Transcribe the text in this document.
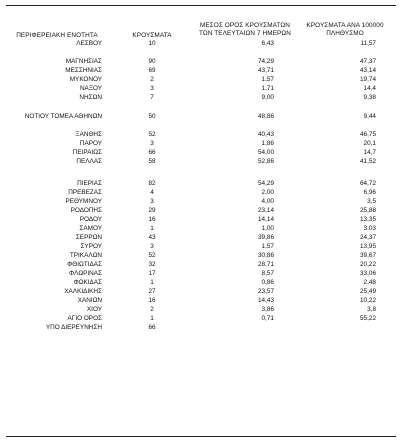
ΠΕΡΙΦΕΡΕΙΑΚΗ ΕΝΟΤΗΤΑ	ΚΡΟΥΣΜΑΤΑ
ΜΕΣΟΣ ΟΡΟΣ ΚΡΟΥΣΜΑΤΩΝ
ΤΩΝ ΤΕΛΕΥΤΑΙΩΝ 7 ΗΜΕΡΩΝ
ΚΡΟΥΣΜΑΤΑ ΑΝΑ 100000
ΠΛΗΘΥΣΜΟ
ΛΕΣΒΟΥ	10	6,43	11,57
ΜΑΓΝΗΣΙΑΣ	90	74,29	47,37
ΜΕΣΣΗΝΙΑΣ	69	43,71	43,14
ΜΥΚΟΝΟΥ	2	1,57	19,74
ΝΑΞΟΥ	3	1,71	14,4
ΝΗΣΩΝ	7	9,00	9,38
ΝΟΤΙΟΥ ΤΟΜΕΑ ΑΘΗΝΩΝ	50	48,86	9,44
ΞΑΝΘΗΣ	52	40,43	46,75
ΠΑΡΟΥ	3	1,86	20,1
ΠΕΙΡΑΙΩΣ	66	54,00	14,7
ΠΕΛΛΑΣ	58	52,86	41,52
ΠΙΕΡΙΑΣ	82	54,29	64,72
ΠΡΕΒΕΖΑΣ	4	2,00	6,96
ΡΕΘΥΜΝΟΥ	3	4,00	3,5
ΡΟΔΟΠΗΣ	29	23,14	25,88
ΡΟΔΟΥ	16	14,14	13,35
ΣΑΜΟΥ	1	1,00	3,03
ΣΕΡΡΩΝ	43	39,86	24,37
ΣΥΡΟΥ	3	1,57	13,95
ΤΡΙΚΑΛΩΝ	52	30,86	39,67
ΦΘΙΩΤΙΔΑΣ	32	28,71	20,22
ΦΛΩΡΙΝΑΣ	17	8,57	33,06
ΦΩΚΙΔΑΣ	1	0,86	2,48
ΧΑΛΚΙΔΙΚΗΣ	27	23,57	25,49
ΧΑΝΙΩΝ	16	14,43	10,22
ΧΙΟΥ	2	3,86	3,8
ΑΓΙΟ ΟΡΟΣ	1	0,71	55,22
ΥΠΟ ΔΙΕΡΕΥΝΗΣΗ	66
